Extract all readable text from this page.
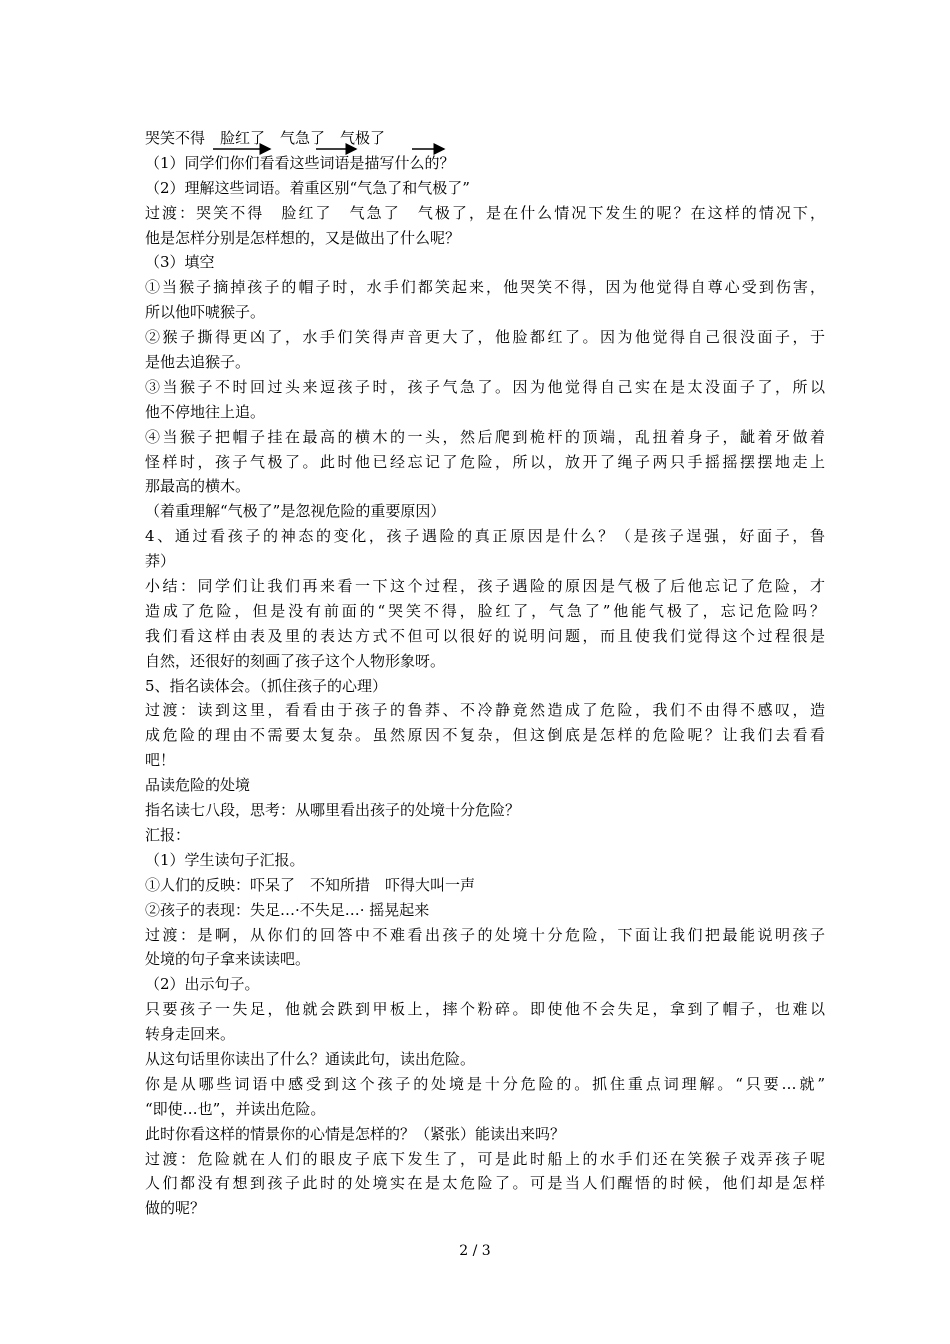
哭笑不得　脸红了　气急了　气极了
（1）同学们你们看看这些词语是描写什么的？
（2）理解这些词语。着重区别“气急了和气极了”
过渡：哭笑不得　脸红了　气急了　气极了，是在什么情况下发生的呢？在这样的情况下，
他是怎样分别是怎样想的，又是做出了什么呢？
（3）填空
①当猴子摘掉孩子的帽子时，水手们都笑起来，他哭笑不得，因为他觉得自尊心受到伤害，
所以他吓唬猴子。
②猴子撕得更凶了，水手们笑得声音更大了，他脸都红了。因为他觉得自己很没面子，于
是他去追猴子。
③当猴子不时回过头来逗孩子时，孩子气急了。因为他觉得自己实在是太没面子了，所以
他不停地往上追。
④当猴子把帽子挂在最高的横木的一头，然后爬到桅杆的顶端，乱扭着身子，龇着牙做着
怪样时，孩子气极了。此时他已经忘记了危险，所以，放开了绳子两只手摇摇摆摆地走上
那最高的横木。
（着重理解“气极了”是忽视危险的重要原因）
4、通过看孩子的神态的变化，孩子遇险的真正原因是什么？（是孩子逞强，好面子，鲁
莽）
小结：同学们让我们再来看一下这个过程，孩子遇险的原因是气极了后他忘记了危险，才
造成了危险，但是没有前面的“哭笑不得，脸红了，气急了”他能气极了，忘记危险吗？
我们看这样由表及里的表达方式不但可以很好的说明问题，而且使我们觉得这个过程很是
自然，还很好的刻画了孩子这个人物形象呀。
5、指名读体会。（抓住孩子的心理）
过渡：读到这里，看看由于孩子的鲁莽、不冷静竟然造成了危险，我们不由得不感叹，造
成危险的理由不需要太复杂。虽然原因不复杂，但这倒底是怎样的危险呢？让我们去看看
吧！
品读危险的处境
指名读七八段，思考：从哪里看出孩子的处境十分危险？
汇报：
（1）学生读句子汇报。
①人们的反映：吓呆了　不知所措　吓得大叫一声
②孩子的表现：失足…·不失足…· 摇晃起来
过渡：是啊，从你们的回答中不难看出孩子的处境十分危险，下面让我们把最能说明孩子
处境的句子拿来读读吧。
（2）出示句子。
只要孩子一失足，他就会跌到甲板上，摔个粉碎。即使他不会失足，拿到了帽子，也难以
转身走回来。
从这句话里你读出了什么？通读此句，读出危险。
你是从哪些词语中感受到这个孩子的处境是十分危险的。抓住重点词理解。“只要…就”
“即使…也”，并读出危险。
此时你看这样的情景你的心情是怎样的？（紧张）能读出来吗？
过渡：危险就在人们的眼皮子底下发生了，可是此时船上的水手们还在笑猴子戏弄孩子呢
人们都没有想到孩子此时的处境实在是太危险了。可是当人们醒悟的时候，他们却是怎样
做的呢？
2 / 3
